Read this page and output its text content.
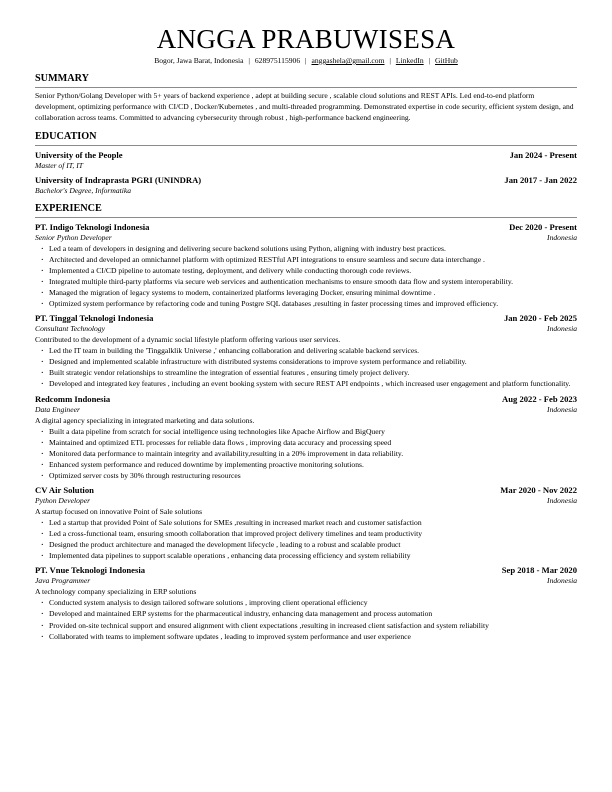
ANGGA PRABUWISESA
Bogor, Jawa Barat, Indonesia | 628975115906 | anggashela@gmail.com | LinkedIn | GitHub
SUMMARY
Senior Python/Golang Developer with 5+ years of backend experience , adept at building secure , scalable cloud solutions and REST APIs. Led end-to-end platform development, optimizing performance with CI/CD , Docker/Kubernetes , and multi-threaded programming. Demonstrated expertise in code security, efficient system design, and collaboration across teams. Committed to advancing cybersecurity through robust , high-performance backend engineering.
EDUCATION
University of the People	Jan 2024 - Present
Master of IT, IT
University of Indraprasta PGRI (UNINDRA)	Jan 2017 - Jan 2022
Bachelor's Degree, Informatika
EXPERIENCE
PT. Indigo Teknologi Indonesia	Dec 2020 - Present
Senior Python Developer	Indonesia
· Led a team of developers in designing and delivering secure backend solutions using Python, aligning with industry best practices.
· Architected and developed an omnichannel platform with optimized RESTful API integrations to ensure seamless and secure data interchange .
· Implemented a CI/CD pipeline to automate testing, deployment, and delivery while conducting thorough code reviews.
· Integrated multiple third-party platforms via secure web services and authentication mechanisms to ensure smooth data flow and system interoperability.
· Managed the migration of legacy systems to modern, containerized platforms leveraging Docker, ensuring minimal downtime .
· Optimized system performance by refactoring code and tuning Postgre SQL databases ,resulting in faster processing times and improved efficiency.
PT. Tinggal Teknologi Indonesia	Jan 2020 - Feb 2025
Consultant Technology	Indonesia
Contributed to the development of a dynamic social lifestyle platform offering various user services.
· Led the IT team in building the 'Tinggalklik Universe ,' enhancing collaboration and delivering scalable backend services.
· Designed and implemented scalable infrastructure with distributed systems considerations to improve system performance and reliability.
· Built strategic vendor relationships to streamline the integration of essential features , ensuring timely project delivery.
· Developed and integrated key features , including an event booking system with secure REST API endpoints , which increased user engagement and platform functionality.
Redcomm Indonesia	Aug 2022 - Feb 2023
Data Engineer	Indonesia
A digital agency specializing in integrated marketing and data solutions.
· Built a data pipeline from scratch for social intelligence using technologies like Apache Airflow and BigQuery
· Maintained and optimized ETL processes for reliable data flows , improving data accuracy and processing speed
· Monitored data performance to maintain integrity and availability,resulting in a 20% improvement in data reliability.
· Enhanced system performance and reduced downtime by implementing proactive monitoring solutions.
· Optimized server costs by 30% through restructuring resources
CV Air Solution	Mar 2020 - Nov 2022
Python Developer	Indonesia
A startup focused on innovative Point of Sale solutions
· Led a startup that provided Point of Sale solutions for SMEs ,resulting in increased market reach and customer satisfaction
· Led a cross-functional team, ensuring smooth collaboration that improved project delivery timelines and team productivity
· Designed the product architecture and managed the development lifecycle , leading to a robust and scalable product
· Implemented data pipelines to support scalable operations , enhancing data processing efficiency and system reliability
PT. Vnue Teknologi Indonesia	Sep 2018 - Mar 2020
Java Programmer	Indonesia
A technology company specializing in ERP solutions
· Conducted system analysis to design tailored software solutions , improving client operational efficiency
· Developed and maintained ERP systems for the pharmaceutical industry, enhancing data management and process automation
· Provided on-site technical support and ensured alignment with client expectations ,resulting in increased client satisfaction and system reliability
· Collaborated with teams to implement software updates , leading to improved system performance and user experience
